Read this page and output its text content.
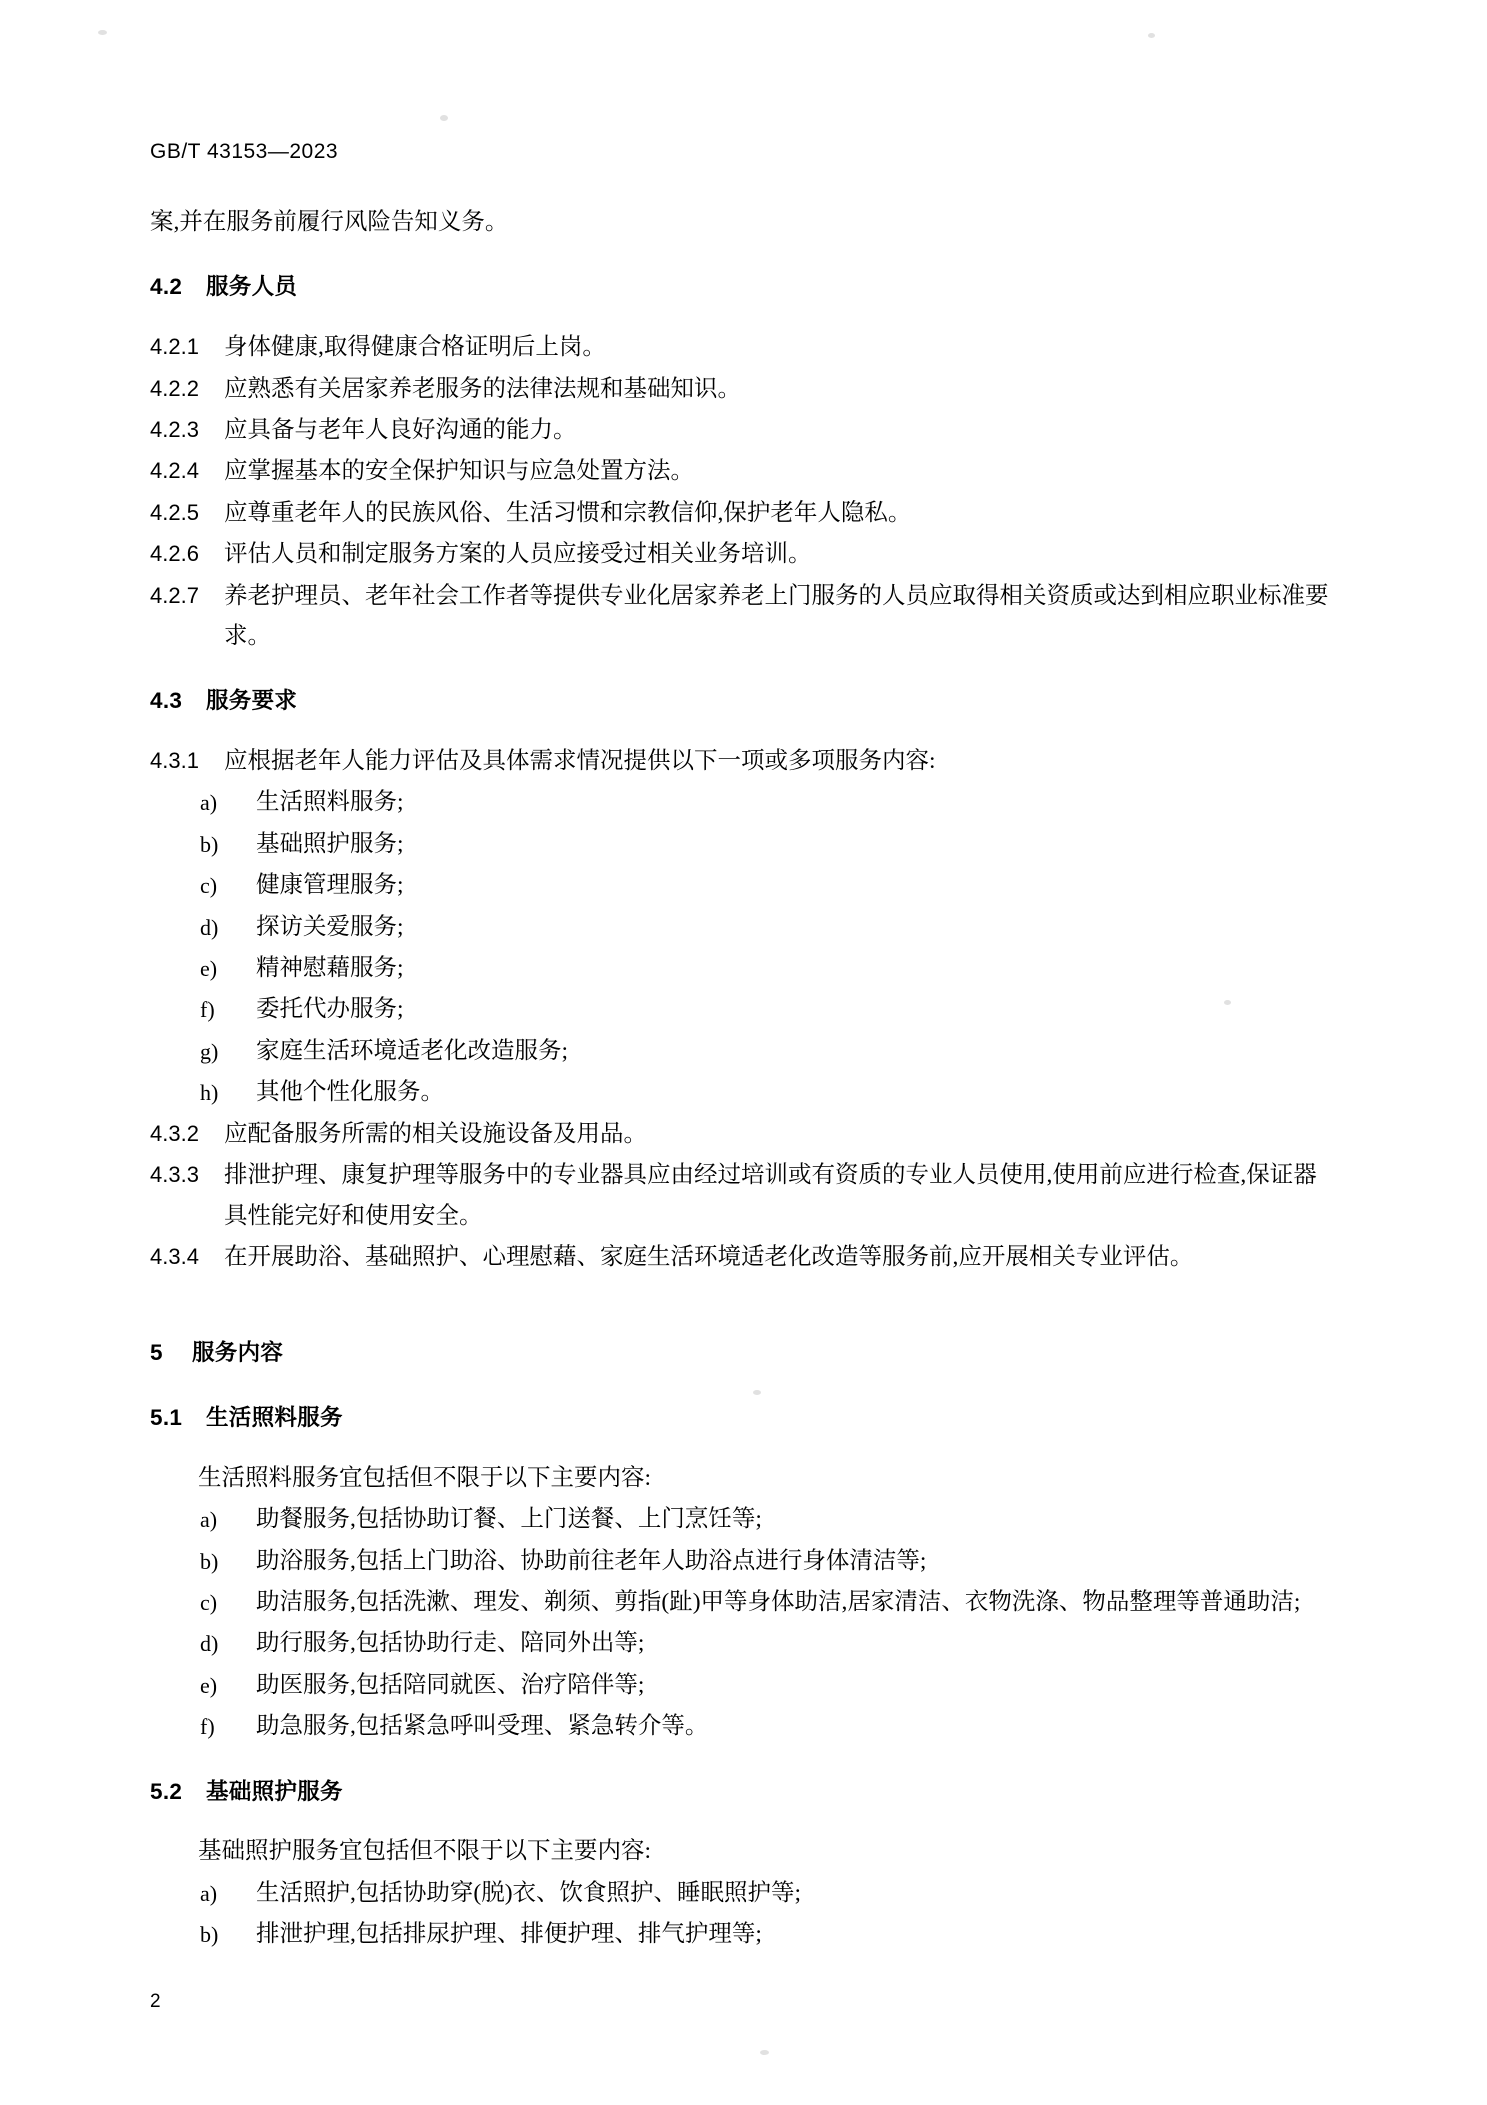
GB/T 43153—2023

案,并在服务前履行风险告知义务。

4.2 服务人员
4.2.1	身体健康,取得健康合格证明后上岗。
4.2.2	应熟悉有关居家养老服务的法律法规和基础知识。
4.2.3	应具备与老年人良好沟通的能力。
4.2.4	应掌握基本的安全保护知识与应急处置方法。
4.2.5	应尊重老年人的民族风俗、生活习惯和宗教信仰,保护老年人隐私。
4.2.6	评估人员和制定服务方案的人员应接受过相关业务培训。
4.2.7	养老护理员、老年社会工作者等提供专业化居家养老上门服务的人员应取得相关资质或达到相应职业标准要求。
4.3 服务要求
4.3.1	应根据老年人能力评估及具体需求情况提供以下一项或多项服务内容:
a)	生活照料服务;
b)	基础照护服务;
c)	健康管理服务;
d)	探访关爱服务;
e)	精神慰藉服务;
f)	委托代办服务;
g)	家庭生活环境适老化改造服务;
h)	其他个性化服务。
4.3.2	应配备服务所需的相关设施设备及用品。
4.3.3	排泄护理、康复护理等服务中的专业器具应由经过培训或有资质的专业人员使用,使用前应进行检查,保证器具性能完好和使用安全。
4.3.4	在开展助浴、基础照护、心理慰藉、家庭生活环境适老化改造等服务前,应开展相关专业评估。
5 服务内容
5.1 生活照料服务

生活照料服务宜包括但不限于以下主要内容:

a)	助餐服务,包括协助订餐、上门送餐、上门烹饪等;
b)	助浴服务,包括上门助浴、协助前往老年人助浴点进行身体清洁等;
c)	助洁服务,包括洗漱、理发、剃须、剪指(趾)甲等身体助洁,居家清洁、衣物洗涤、物品整理等普通助洁;
d)	助行服务,包括协助行走、陪同外出等;
e)	助医服务,包括陪同就医、治疗陪伴等;
f)	助急服务,包括紧急呼叫受理、紧急转介等。
5.2 基础照护服务

基础照护服务宜包括但不限于以下主要内容:

a)	生活照护,包括协助穿(脱)衣、饮食照护、睡眠照护等;
b)	排泄护理,包括排尿护理、排便护理、排气护理等;
2
